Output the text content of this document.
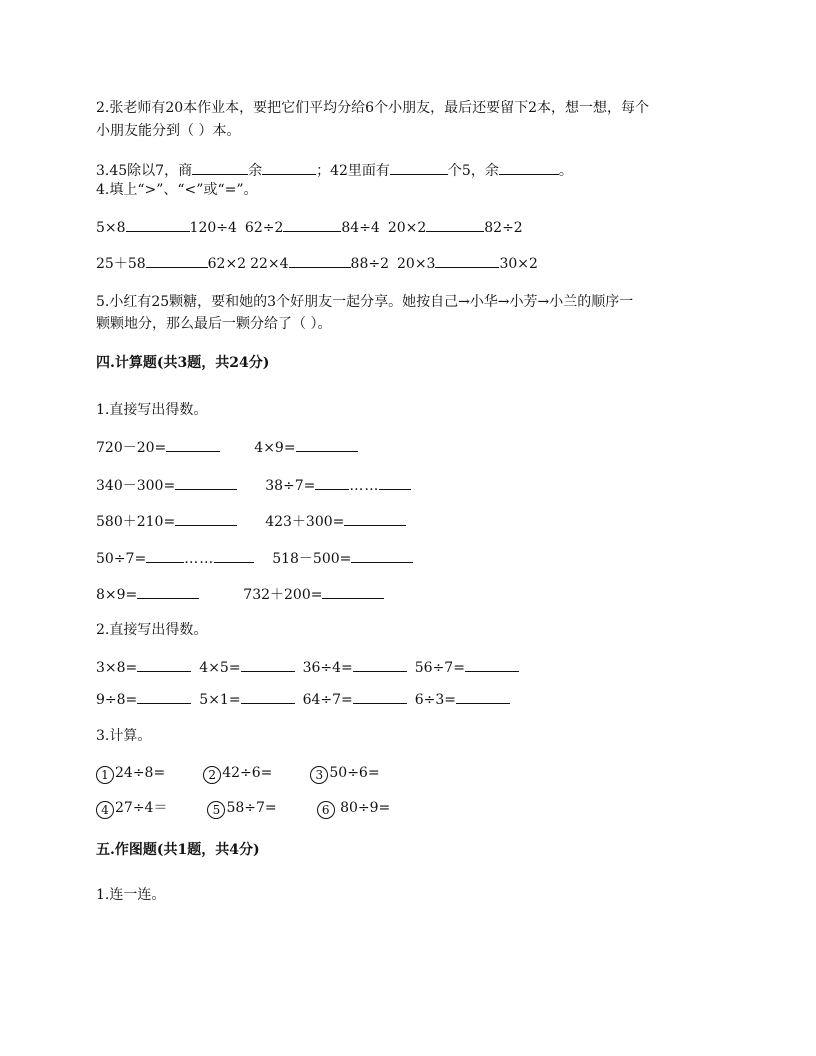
2.张老师有20本作业本，要把它们平均分给6个小朋友，最后还要留下2本，想一想，每个
小朋友能分到（ ）本。
3.45除以7，商	余	；42里面有	个5，余	。
4.填上“>”、“<”或“=”。
5×8	120÷4 62÷2	84÷4 20×2	82÷2
25＋58	62×2 22×4	88÷2 20×3	30×2
5.小红有25颗糖，要和她的3个好朋友一起分享。她按自己→小华→小芳→小兰的顺序一
颗颗地分，那么最后一颗分给了（ ）。
四.计算题(共3题，共24分)
1.直接写出得数。
720－20=	4×9=
340－300=	38÷7= ……
580＋210=	423＋300=
50÷7=	……	518－500=
8×9=	732＋200=
2.直接写出得数。
3×8=	4×5=	36÷4=	56÷7=
9÷8=	5×1=	64÷7=	6÷3=
3.计算。
1 24÷8=	2 42÷6=	3 50÷6=
4 27÷4＝	5 58÷7=	6 80÷9=
五.作图题(共1题，共4分)
1.连一连。
